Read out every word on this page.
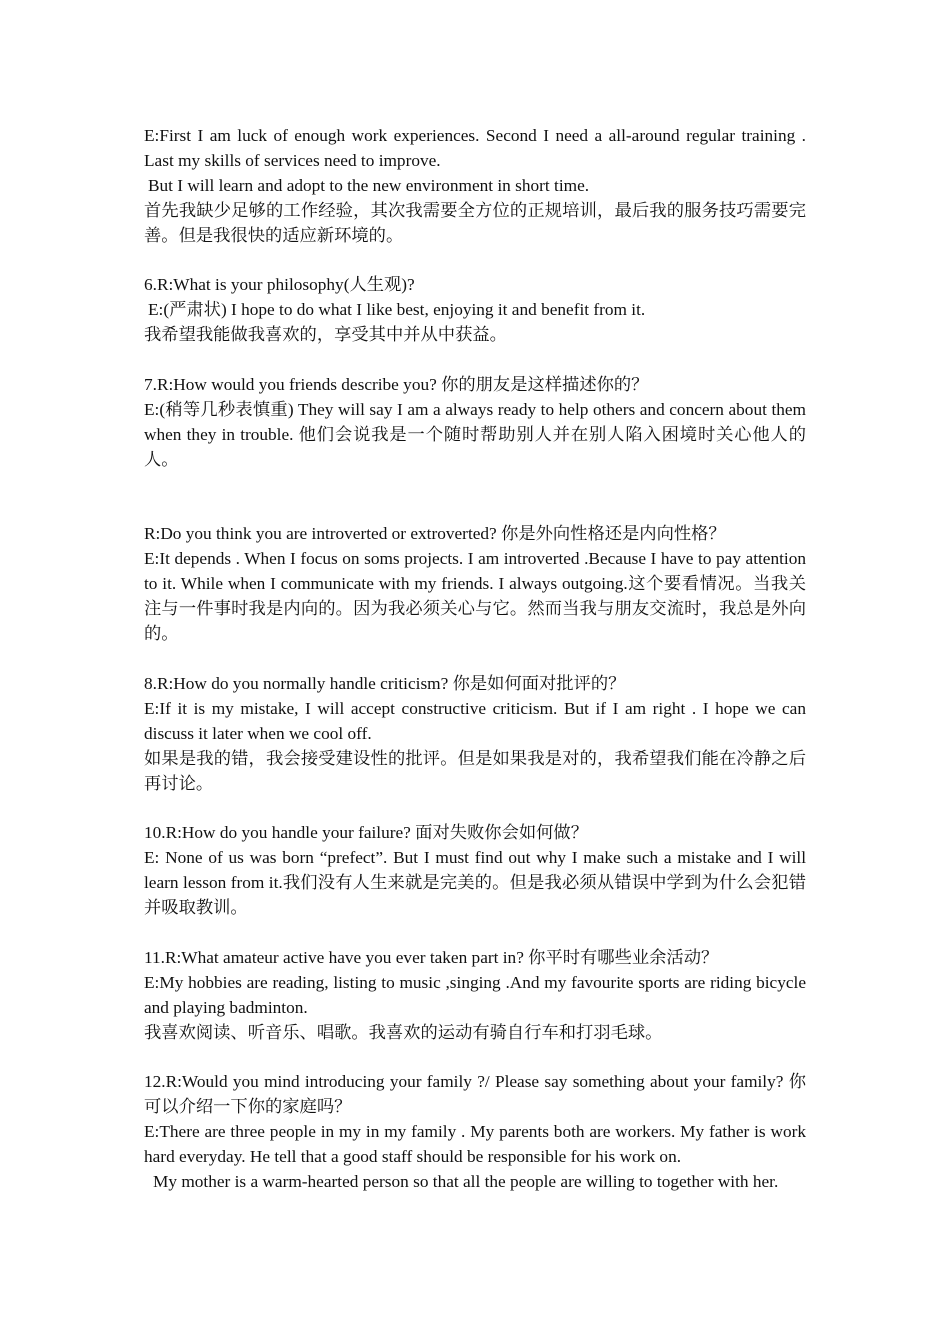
E:First I am luck of enough work experiences. Second I need a all-around regular training . Last my skills of services need to improve.

But I will learn and adopt to the new environment in short time.

首先我缺少足够的工作经验，其次我需要全方位的正规培训，最后我的服务技巧需要完善。但是我很快的适应新环境的。

6.R:What is your philosophy(人生观)?

E:(严肃状) I hope to do what I like best, enjoying it and benefit from it.

我希望我能做我喜欢的，享受其中并从中获益。

7.R:How would you friends describe you? 你的朋友是这样描述你的？

E:(稍等几秒表慎重) They will say I am a always ready to help others and concern about them when they in trouble. 他们会说我是一个随时帮助别人并在别人陷入困境时关心他人的人。

R:Do you think you are introverted or extroverted? 你是外向性格还是内向性格？

E:It depends . When I focus on soms projects. I am introverted .Because I have to pay attention to it. While when I communicate with my friends. I always outgoing.这个要看情况。当我关注与一件事时我是内向的。因为我必须关心与它。然而当我与朋友交流时，我总是外向的。

8.R:How do you normally handle criticism? 你是如何面对批评的？

E:If it is my mistake, I will accept constructive criticism. But if I am right . I hope we can discuss it later when we cool off.

如果是我的错，我会接受建设性的批评。但是如果我是对的，我希望我们能在冷静之后再讨论。

10.R:How do you handle your failure? 面对失败你会如何做？

E: None of us was born “prefect”. But I must find out why I make such a mistake and I will learn lesson from it.我们没有人生来就是完美的。但是我必须从错误中学到为什么会犯错并吸取教训。

11.R:What amateur active have you ever taken part in? 你平时有哪些业余活动？

E:My hobbies are reading, listing to music ,singing .And my favourite sports are riding bicycle and playing badminton.

我喜欢阅读、听音乐、唱歌。我喜欢的运动有骑自行车和打羽毛球。

12.R:Would you mind introducing your family ?/ Please say something about your family? 你可以介绍一下你的家庭吗？

E:There are three people in my in my family . My parents both are workers. My father is work hard everyday. He tell that a good staff should be responsible for his work on.

My mother is a warm-hearted person so that all the people are willing to together with her.
